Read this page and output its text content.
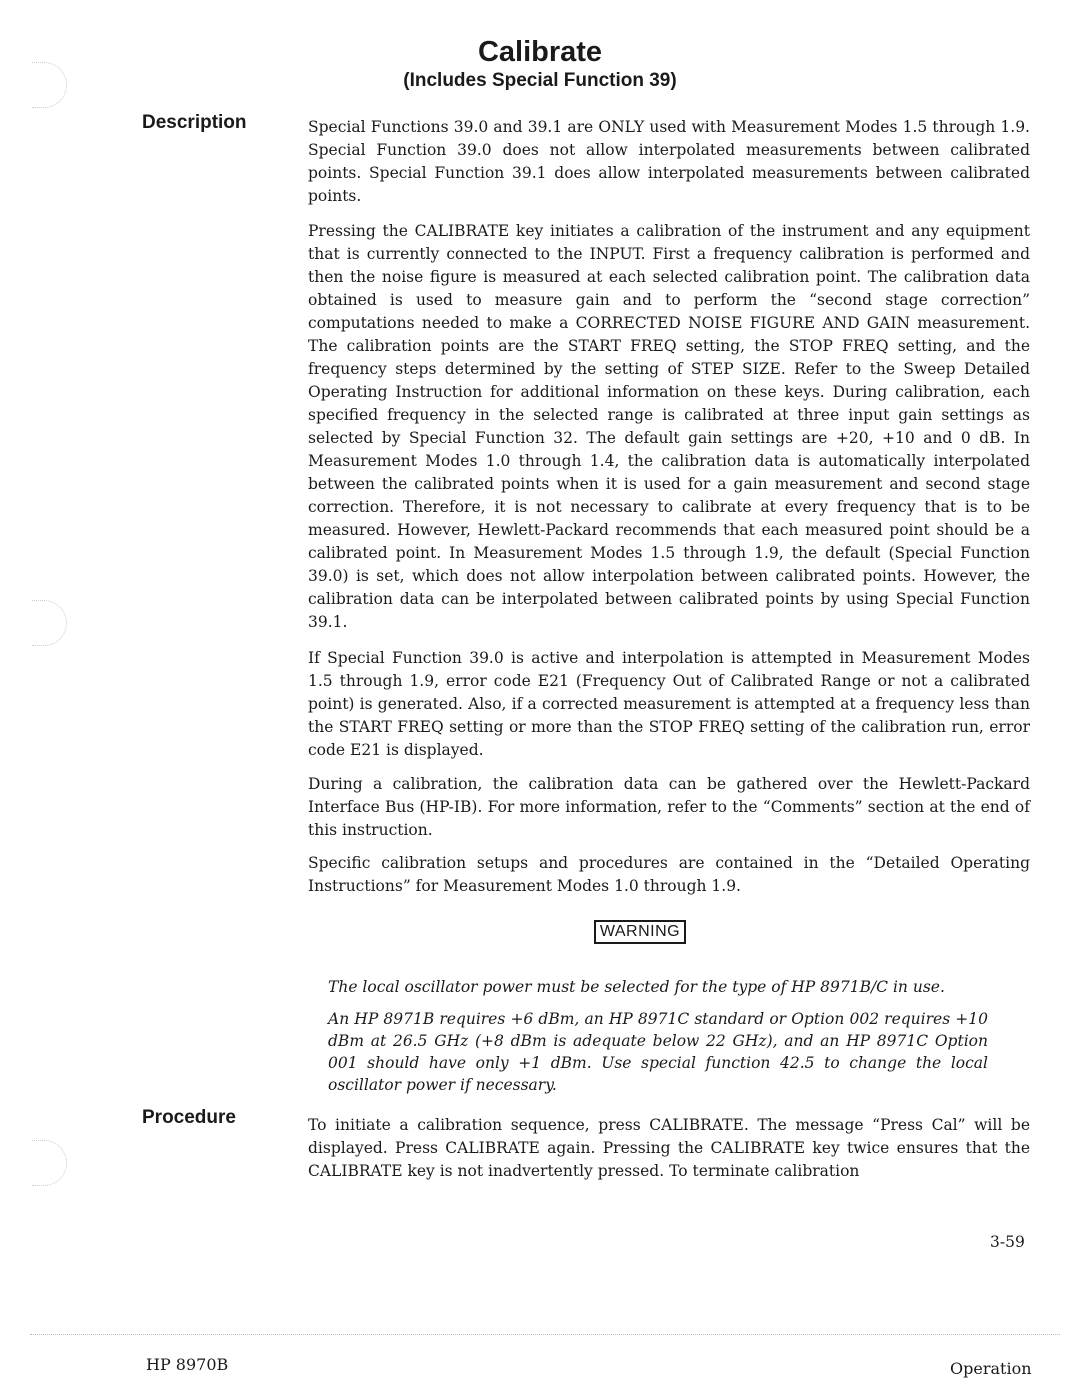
Calibrate
(Includes Special Function 39)
Description	Special Functions 39.0 and 39.1 are ONLY used with Measurement Modes 1.5 through 1.9. Special Function 39.0 does not allow interpolated measurements between calibrated points. Special Function 39.1 does allow interpolated measurements between calibrated points.

Pressing the CALIBRATE key initiates a calibration of the instrument and any equipment that is currently connected to the INPUT. First a frequency calibration is performed and then the noise figure is measured at each selected calibration point. The calibration data obtained is used to measure gain and to perform the “second stage correction” computations needed to make a CORRECTED NOISE FIGURE AND GAIN measurement. The calibration points are the START FREQ setting, the STOP FREQ setting, and the frequency steps determined by the setting of STEP SIZE. Refer to the Sweep Detailed Operating Instruction for additional information on these keys. During calibration, each specified frequency in the selected range is calibrated at three input gain settings as selected by Special Function 32. The default gain settings are +20, +10 and 0 dB. In Measurement Modes 1.0 through 1.4, the calibration data is automatically interpolated between the calibrated points when it is used for a gain measurement and second stage correction. Therefore, it is not necessary to calibrate at every frequency that is to be measured. However, Hewlett-Packard recommends that each measured point should be a calibrated point. In Measurement Modes 1.5 through 1.9, the default (Special Function 39.0) is set, which does not allow interpolation between calibrated points. However, the calibration data can be interpolated between calibrated points by using Special Function 39.1.

If Special Function 39.0 is active and interpolation is attempted in Measurement Modes 1.5 through 1.9, error code E21 (Frequency Out of Calibrated Range or not a calibrated point) is generated. Also, if a corrected measurement is attempted at a frequency less than the START FREQ setting or more than the STOP FREQ setting of the calibration run, error code E21 is displayed.

During a calibration, the calibration data can be gathered over the Hewlett-Packard Interface Bus (HP-IB). For more information, refer to the “Comments” section at the end of this instruction.

Specific calibration setups and procedures are contained in the “Detailed Operating Instructions” for Measurement Modes 1.0 through 1.9.

WARNING

The local oscillator power must be selected for the type of HP 8971B/C in use.

An HP 8971B requires +6 dBm, an HP 8971C standard or Option 002 requires +10 dBm at 26.5 GHz (+8 dBm is adequate below 22 GHz), and an HP 8971C Option 001 should have only +1 dBm. Use special function 42.5 to change the local oscillator power if necessary.

Procedure	To initiate a calibration sequence, press CALIBRATE. The message “Press Cal” will be displayed. Press CALIBRATE again. Pressing the CALIBRATE key twice ensures that the CALIBRATE key is not inadvertently pressed. To terminate calibration

3-59

HP 8970B	Operation
